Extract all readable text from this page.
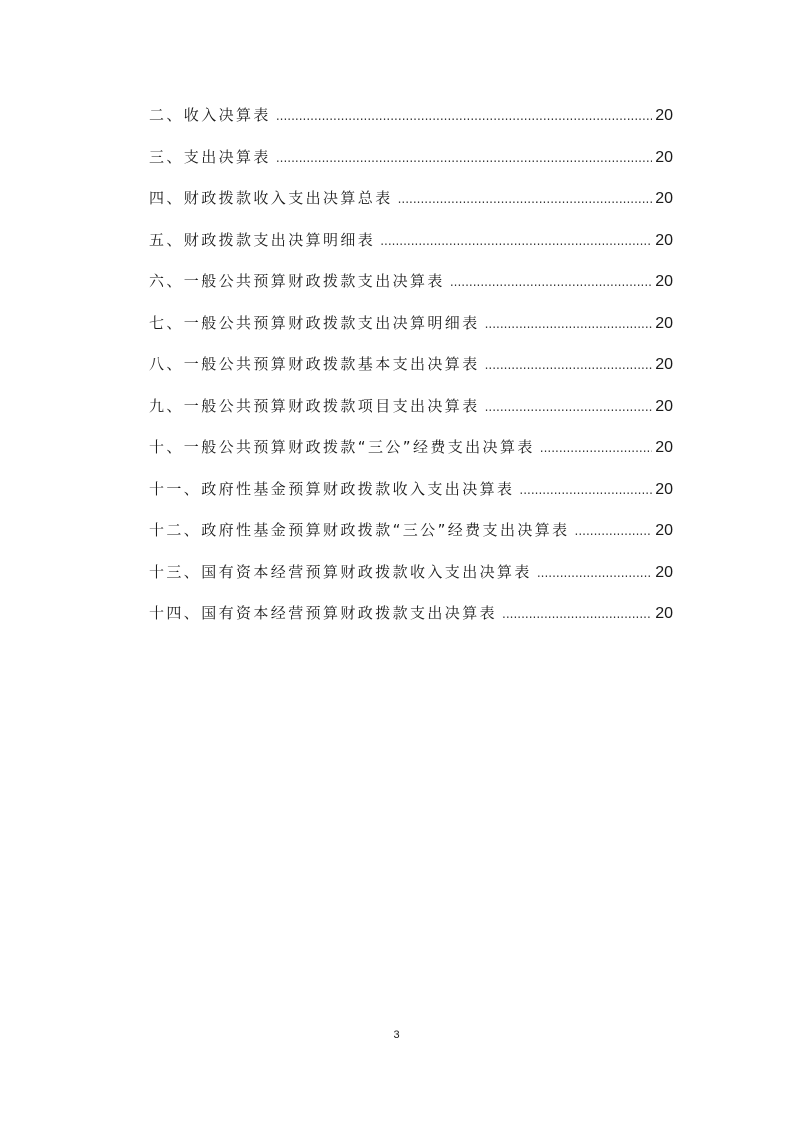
二、收入决算表 .....	20
三、支出决算表 .....	20
四、财政拨款收入支出决算总表 .....	20
五、财政拨款支出决算明细表 .....	20
六、一般公共预算财政拨款支出决算表 .....	20
七、一般公共预算财政拨款支出决算明细表 .....	20
八、一般公共预算财政拨款基本支出决算表 .....	20
九、一般公共预算财政拨款项目支出决算表 .....	20
十、一般公共预算财政拨款“三公”经费支出决算表 .....	20
十一、政府性基金预算财政拨款收入支出决算表 .....	20
十二、政府性基金预算财政拨款“三公”经费支出决算表 .....	20
十三、国有资本经营预算财政拨款收入支出决算表 .....	20
十四、国有资本经营预算财政拨款支出决算表 .....	20
3
